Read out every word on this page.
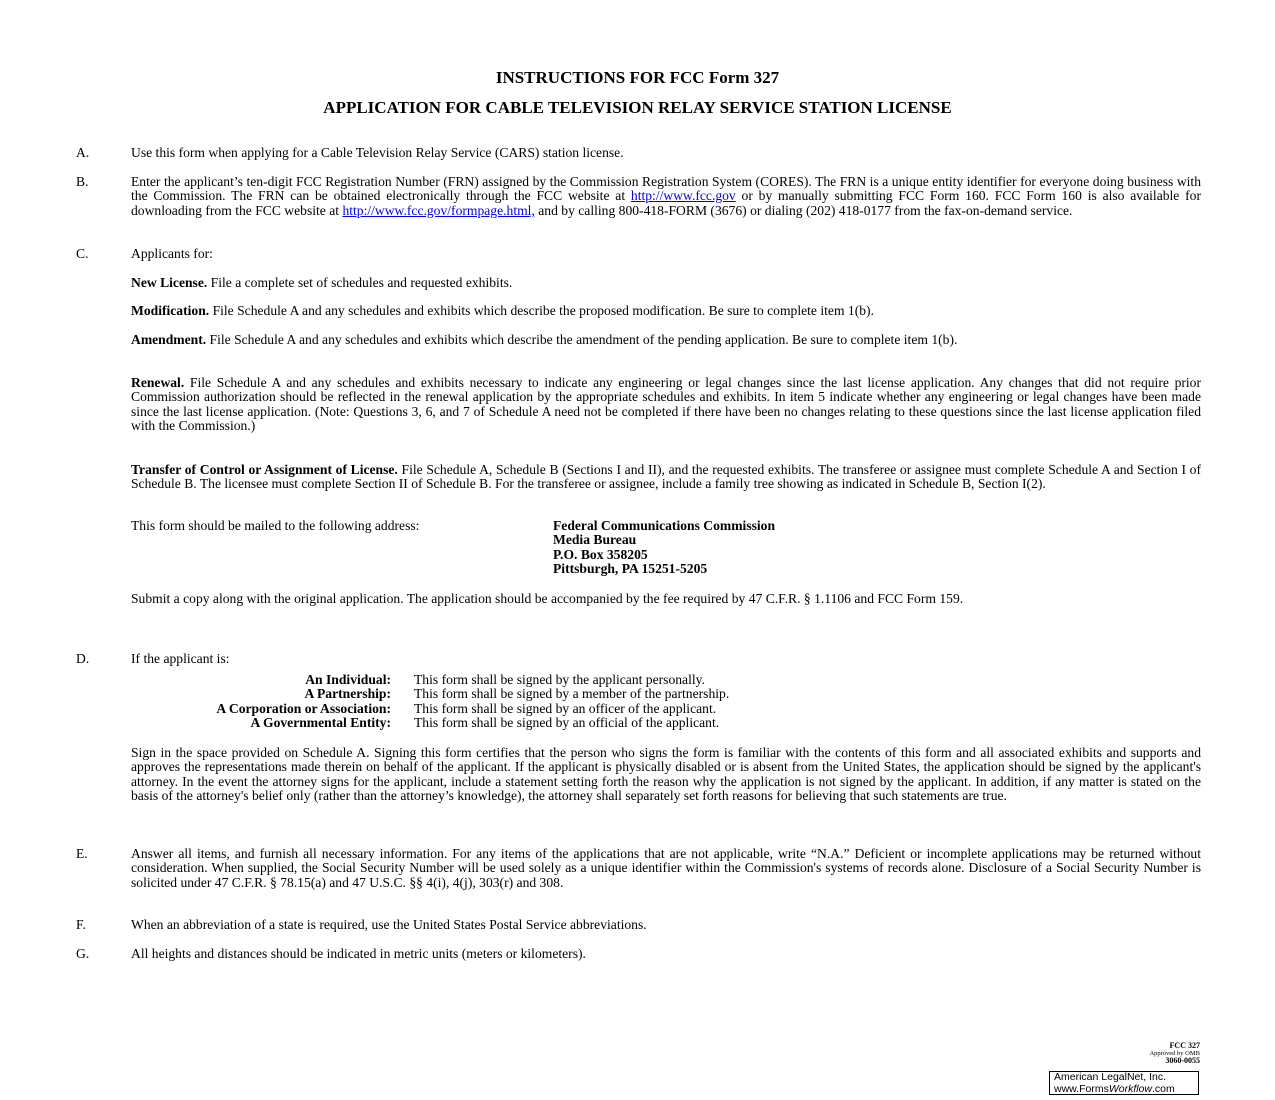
INSTRUCTIONS FOR FCC Form 327
APPLICATION FOR CABLE TELEVISION RELAY SERVICE STATION LICENSE
A.	Use this form when applying for a Cable Television Relay Service (CARS) station license.
B.	Enter the applicant’s ten-digit FCC Registration Number (FRN) assigned by the Commission Registration System (CORES). The FRN is a unique entity identifier for everyone doing business with the Commission. The FRN can be obtained electronically through the FCC website at http://www.fcc.gov or by manually submitting FCC Form 160. FCC Form 160 is also available for downloading from the FCC website at http://www.fcc.gov/formpage.html, and by calling 800-418-FORM (3676) or dialing (202) 418-0177 from the fax-on-demand service.
C.	Applicants for:
New License. File a complete set of schedules and requested exhibits.
Modification. File Schedule A and any schedules and exhibits which describe the proposed modification. Be sure to complete item 1(b).
Amendment. File Schedule A and any schedules and exhibits which describe the amendment of the pending application. Be sure to complete item 1(b).
Renewal. File Schedule A and any schedules and exhibits necessary to indicate any engineering or legal changes since the last license application. Any changes that did not require prior Commission authorization should be reflected in the renewal application by the appropriate schedules and exhibits. In item 5 indicate whether any engineering or legal changes have been made since the last license application. (Note: Questions 3, 6, and 7 of Schedule A need not be completed if there have been no changes relating to these questions since the last license application filed with the Commission.)
Transfer of Control or Assignment of License. File Schedule A, Schedule B (Sections I and II), and the requested exhibits. The transferee or assignee must complete Schedule A and Section I of Schedule B. The licensee must complete Section II of Schedule B. For the transferee or assignee, include a family tree showing as indicated in Schedule B, Section I(2).
This form should be mailed to the following address:	Federal Communications Commission
Media Bureau
P.O. Box 358205
Pittsburgh, PA 15251-5205
Submit a copy along with the original application. The application should be accompanied by the fee required by 47 C.F.R. § 1.1106 and FCC Form 159.
D.	If the applicant is:
An Individual: This form shall be signed by the applicant personally.
A Partnership: This form shall be signed by a member of the partnership.
A Corporation or Association: This form shall be signed by an officer of the applicant.
A Governmental Entity: This form shall be signed by an official of the applicant.
Sign in the space provided on Schedule A. Signing this form certifies that the person who signs the form is familiar with the contents of this form and all associated exhibits and supports and approves the representations made therein on behalf of the applicant. If the applicant is physically disabled or is absent from the United States, the application should be signed by the applicant's attorney. In the event the attorney signs for the applicant, include a statement setting forth the reason why the application is not signed by the applicant. In addition, if any matter is stated on the basis of the attorney's belief only (rather than the attorney’s knowledge), the attorney shall separately set forth reasons for believing that such statements are true.
E.	Answer all items, and furnish all necessary information. For any items of the applications that are not applicable, write “N.A.” Deficient or incomplete applications may be returned without consideration. When supplied, the Social Security Number will be used solely as a unique identifier within the Commission's systems of records alone. Disclosure of a Social Security Number is solicited under 47 C.F.R. § 78.15(a) and 47 U.S.C. §§ 4(i), 4(j), 303(r) and 308.
F.	When an abbreviation of a state is required, use the United States Postal Service abbreviations.
G.	All heights and distances should be indicated in metric units (meters or kilometers).
FCC 327
Approved by OMB
3060-0055
American LegalNet, Inc.
www.FormsWorkflow.com
